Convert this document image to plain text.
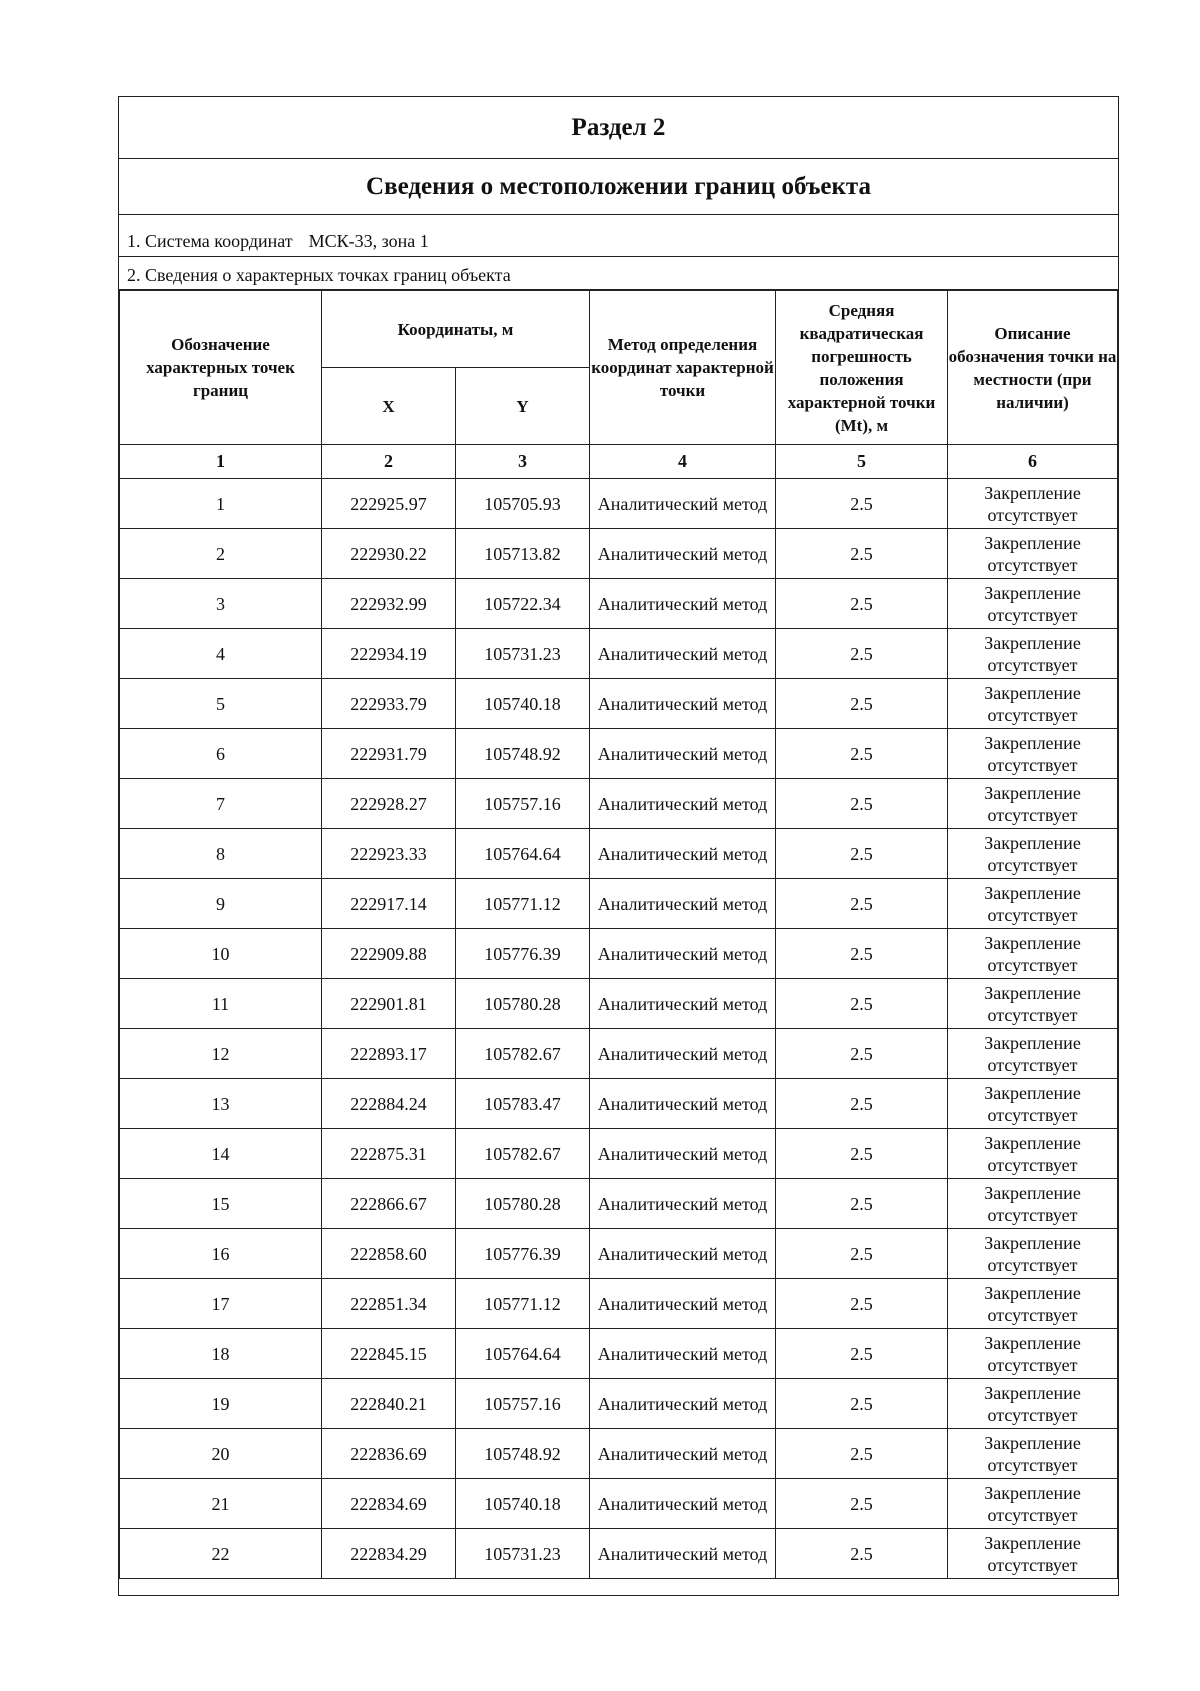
Раздел 2
Сведения о местоположении границ объекта
1. Система координат МСК-33, зона 1
2. Сведения о характерных точках границ объекта
Обозначение характерных точек границ	Координаты, м		Метод определения координат характерной точки	Средняя квадратическая погрешность положения характерной точки (Mt), м	Описание обозначения точки на местности (при наличии)
	X	Y			
1	2	3	4	5	6
1	222925.97	105705.93	Аналитический метод	2.5	Закрепление отсутствует
2	222930.22	105713.82	Аналитический метод	2.5	Закрепление отсутствует
3	222932.99	105722.34	Аналитический метод	2.5	Закрепление отсутствует
4	222934.19	105731.23	Аналитический метод	2.5	Закрепление отсутствует
5	222933.79	105740.18	Аналитический метод	2.5	Закрепление отсутствует
6	222931.79	105748.92	Аналитический метод	2.5	Закрепление отсутствует
7	222928.27	105757.16	Аналитический метод	2.5	Закрепление отсутствует
8	222923.33	105764.64	Аналитический метод	2.5	Закрепление отсутствует
9	222917.14	105771.12	Аналитический метод	2.5	Закрепление отсутствует
10	222909.88	105776.39	Аналитический метод	2.5	Закрепление отсутствует
11	222901.81	105780.28	Аналитический метод	2.5	Закрепление отсутствует
12	222893.17	105782.67	Аналитический метод	2.5	Закрепление отсутствует
13	222884.24	105783.47	Аналитический метод	2.5	Закрепление отсутствует
14	222875.31	105782.67	Аналитический метод	2.5	Закрепление отсутствует
15	222866.67	105780.28	Аналитический метод	2.5	Закрепление отсутствует
16	222858.60	105776.39	Аналитический метод	2.5	Закрепление отсутствует
17	222851.34	105771.12	Аналитический метод	2.5	Закрепление отсутствует
18	222845.15	105764.64	Аналитический метод	2.5	Закрепление отсутствует
19	222840.21	105757.16	Аналитический метод	2.5	Закрепление отсутствует
20	222836.69	105748.92	Аналитический метод	2.5	Закрепление отсутствует
21	222834.69	105740.18	Аналитический метод	2.5	Закрепление отсутствует
22	222834.29	105731.23	Аналитический метод	2.5	Закрепление отсутствует
